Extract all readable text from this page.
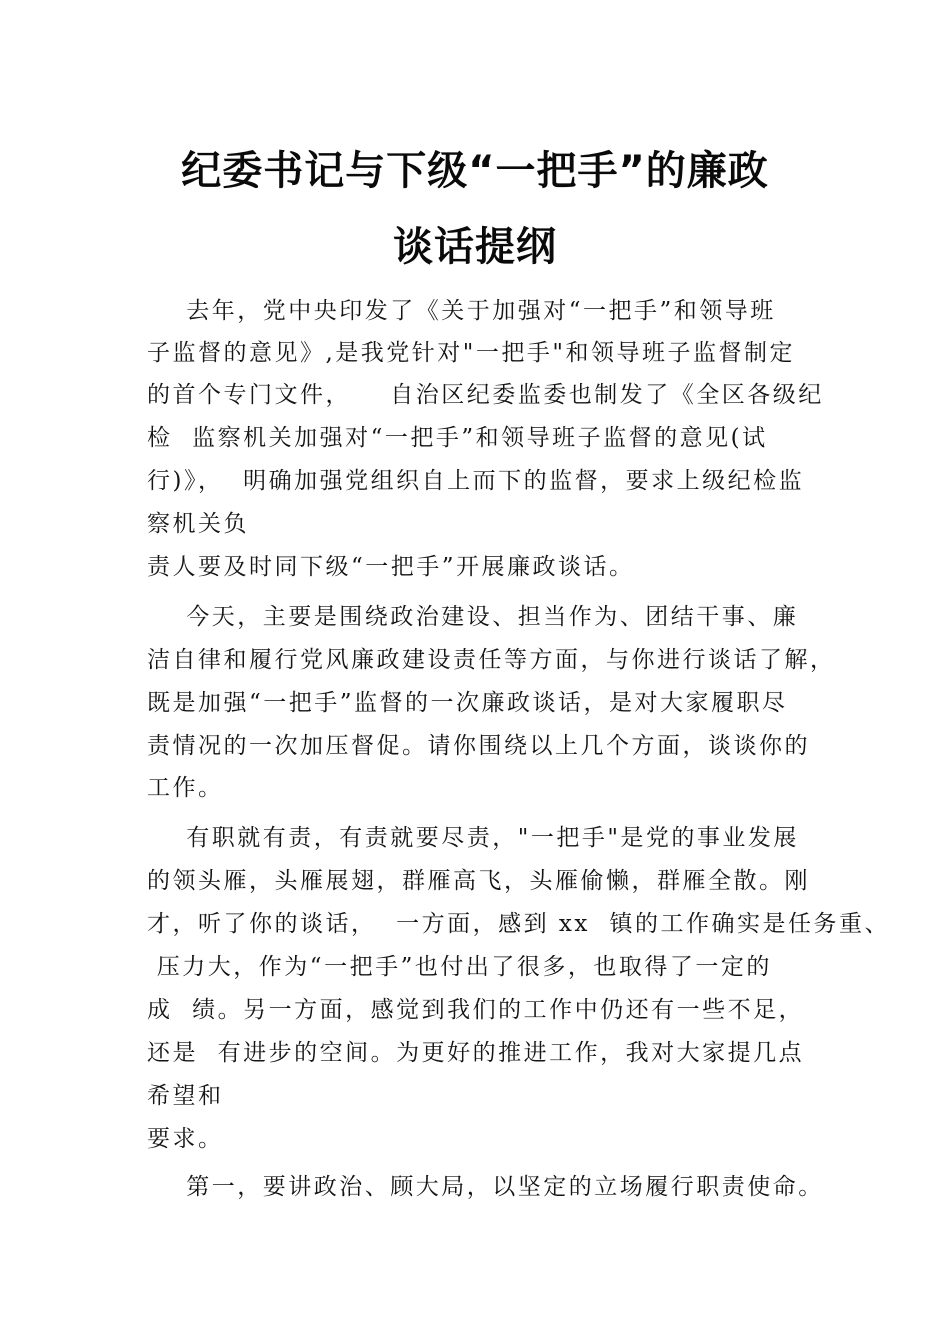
纪委书记与下级“一把手”的廉政
谈话提纲
去年，党中央印发了《关于加强对“一把手”和领导班
子监督的意见》,是我党针对"一把手"和领导班子监督制定
的首个专门文件，    自治区纪委监委也制发了《全区各级纪
检  监察机关加强对“一把手”和领导班子监督的意见(试
行)》，  明确加强党组织自上而下的监督，要求上级纪检监
察机关负
责人要及时同下级“一把手”开展廉政谈话。
今天，主要是围绕政治建设、担当作为、团结干事、廉
洁自律和履行党风廉政建设责任等方面，与你进行谈话了解，
既是加强“一把手”监督的一次廉政谈话，是对大家履职尽
责情况的一次加压督促。请你围绕以上几个方面，谈谈你的
工作。
有职就有责，有责就要尽责，"一把手"是党的事业发展
的领头雁，头雁展翅，群雁高飞，头雁偷懒，群雁全散。刚
才，听了你的谈话，  一方面，感到 xx  镇的工作确实是任务重、
压力大，作为“一把手”也付出了很多，也取得了一定的
成  绩。另一方面，感觉到我们的工作中仍还有一些不足，
还是  有进步的空间。为更好的推进工作，我对大家提几点
希望和
要求。
第一，要讲政治、顾大局，以坚定的立场履行职责使命。
